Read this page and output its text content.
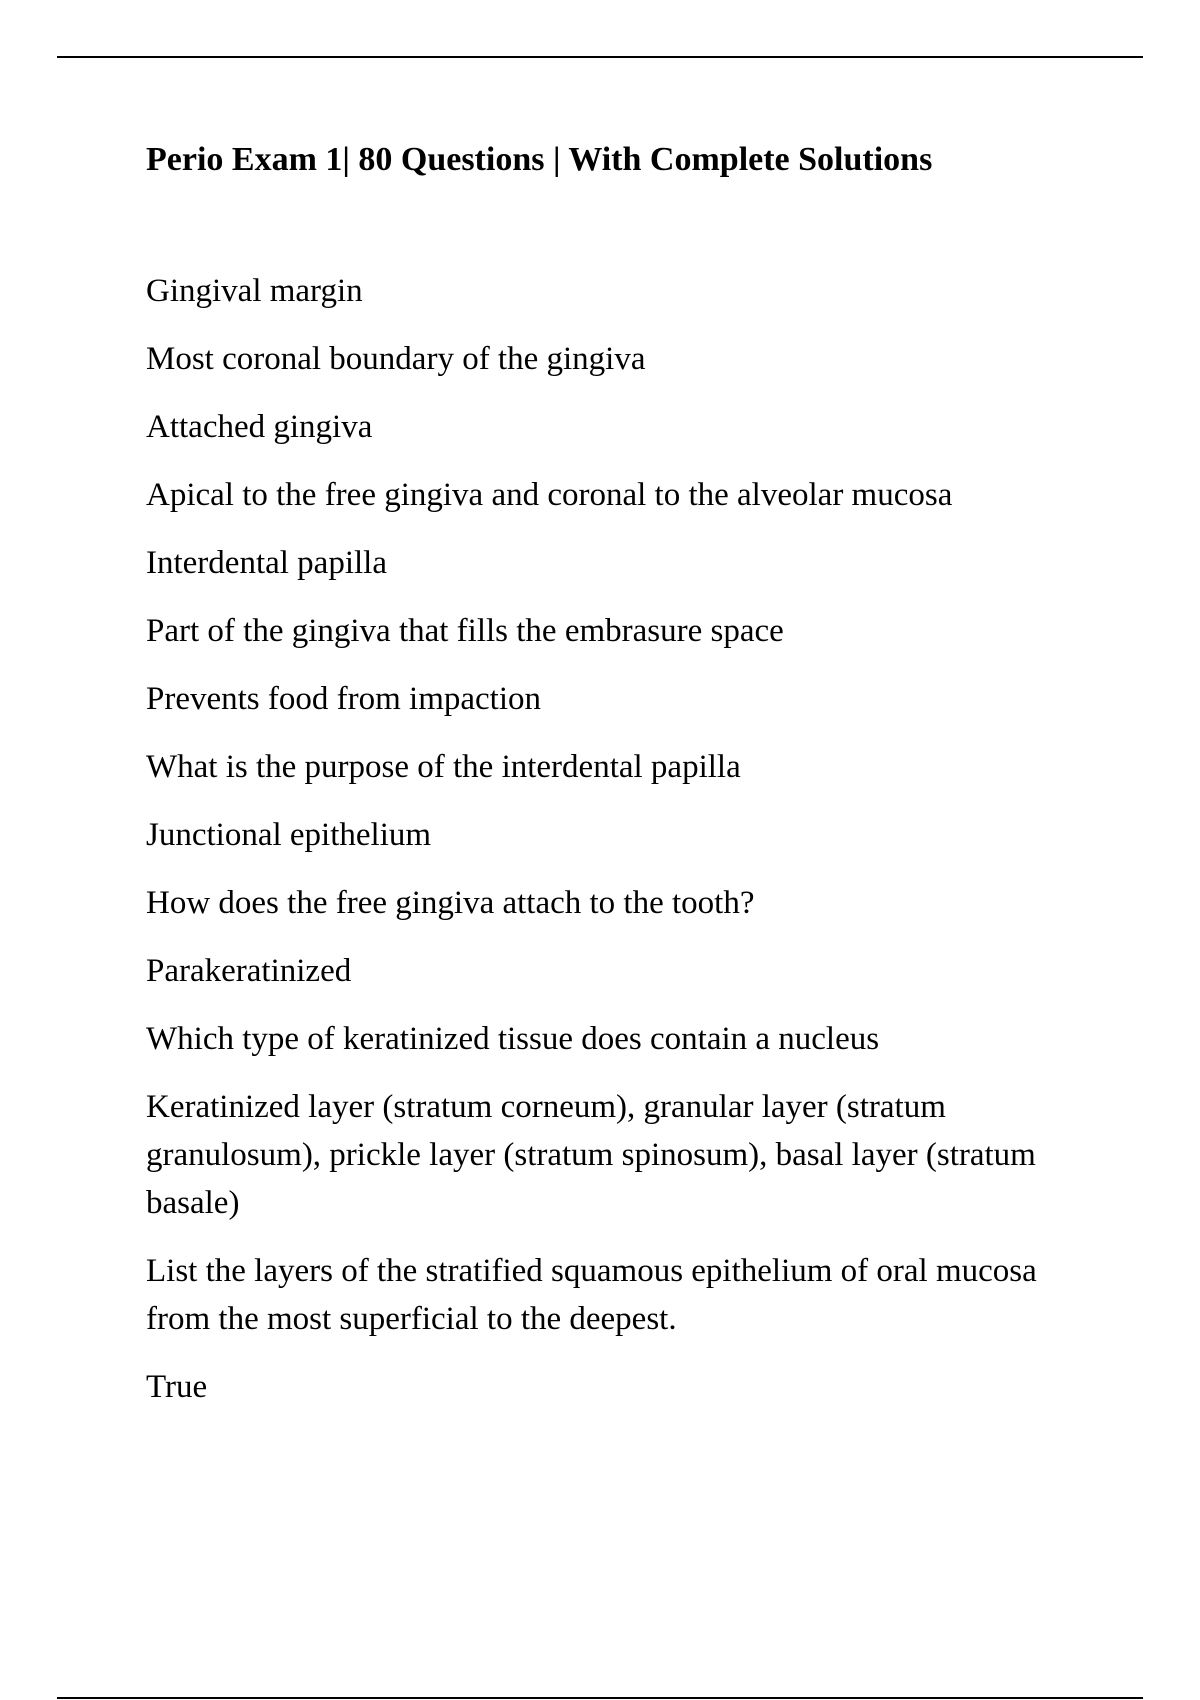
Perio Exam 1| 80 Questions | With Complete Solutions
Gingival margin
Most coronal boundary of the gingiva
Attached gingiva
Apical to the free gingiva and coronal to the alveolar mucosa
Interdental papilla
Part of the gingiva that fills the embrasure space
Prevents food from impaction
What is the purpose of the interdental papilla
Junctional epithelium
How does the free gingiva attach to the tooth?
Parakeratinized
Which type of keratinized tissue does contain a nucleus
Keratinized layer (stratum corneum), granular layer (stratum granulosum), prickle layer (stratum spinosum), basal layer (stratum basale)
List the layers of the stratified squamous epithelium of oral mucosa from the most superficial to the deepest.
True
